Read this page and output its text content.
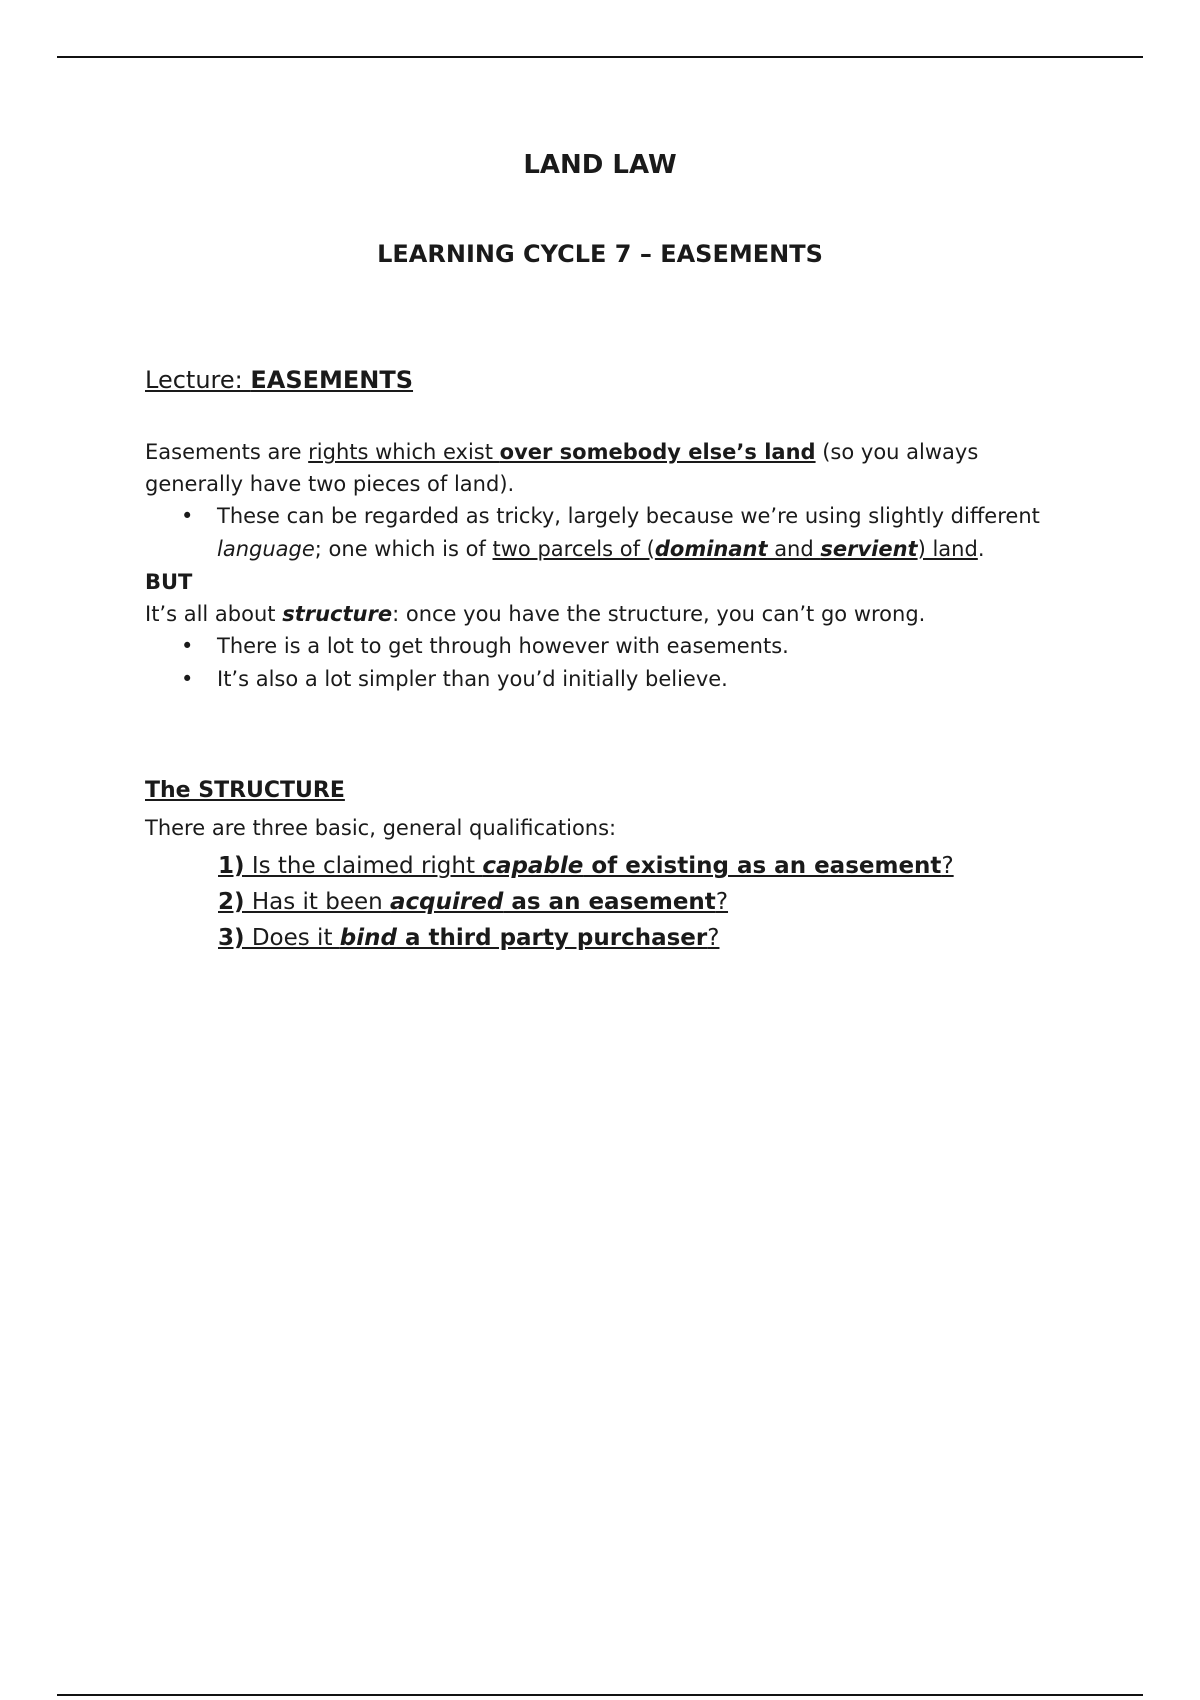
LAND LAW
LEARNING CYCLE 7 – EASEMENTS
Lecture: EASEMENTS

Easements are rights which exist over somebody else’s land (so you always generally have two pieces of land).

• These can be regarded as tricky, largely because we’re using slightly different language; one which is of two parcels of (dominant and servient) land.

BUT

It’s all about structure: once you have the structure, you can’t go wrong.

• There is a lot to get through however with easements.
• It’s also a lot simpler than you’d initially believe.
The STRUCTURE
There are three basic, general qualifications:
1) Is the claimed right capable of existing as an easement?
2) Has it been acquired as an easement?
3) Does it bind a third party purchaser?
